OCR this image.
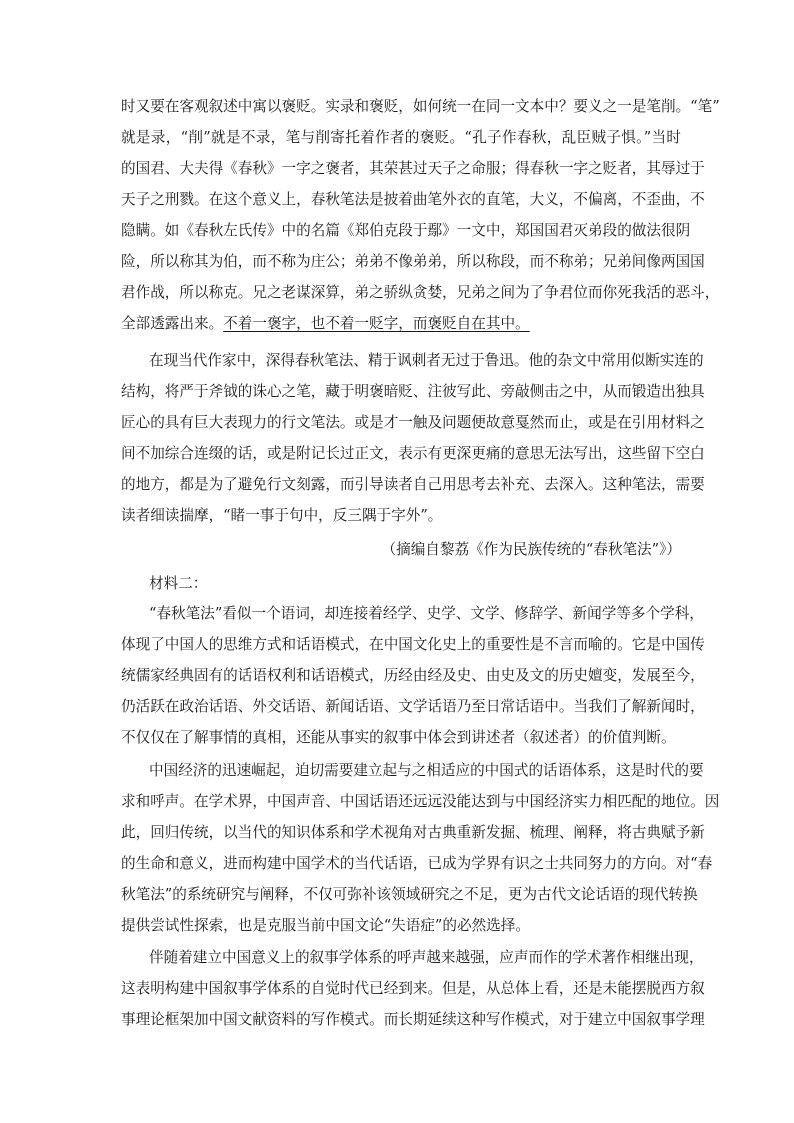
时又要在客观叙述中寓以褒贬。实录和褒贬，如何统一在同一文本中？要义之一是笔削。“笔”
就是录，“削”就是不录，笔与削寄托着作者的褒贬。“孔子作春秋，乱臣贼子惧。”当时
的国君、大夫得《春秋》一字之褒者，其荣甚过天子之命服；得春秋一字之贬者，其辱过于
天子之刑戮。在这个意义上，春秋笔法是披着曲笔外衣的直笔，大义，不偏离，不歪曲，不
隐瞒。如《春秋左氏传》中的名篇《郑伯克段于鄢》一文中，郑国国君灭弟段的做法很阴
险，所以称其为伯，而不称为庄公；弟弟不像弟弟，所以称段，而不称弟；兄弟间像两国国
君作战，所以称克。兄之老谋深算，弟之骄纵贪婪，兄弟之间为了争君位而你死我活的恶斗，
全部透露出来。不着一褒字，也不着一贬字，而褒贬自在其中。
在现当代作家中，深得春秋笔法、精于讽刺者无过于鲁迅。他的杂文中常用似断实连的
结构，将严于斧钺的诛心之笔，藏于明褒暗贬、注彼写此、旁敲侧击之中，从而锻造出独具
匠心的具有巨大表现力的行文笔法。或是才一触及问题便故意戛然而止，或是在引用材料之
间不加综合连缀的话，或是附记长过正文，表示有更深更痛的意思无法写出，这些留下空白
的地方，都是为了避免行文刻露，而引导读者自己用思考去补充、去深入。这种笔法，需要
读者细读揣摩，“睹一事于句中，反三隅于字外”。
（摘编自黎荔《作为民族传统的“春秋笔法”》）
材料二：
“春秋笔法”看似一个语词，却连接着经学、史学、文学、修辞学、新闻学等多个学科，
体现了中国人的思维方式和话语模式，在中国文化史上的重要性是不言而喻的。它是中国传
统儒家经典固有的话语权利和话语模式，历经由经及史、由史及文的历史嬗变，发展至今，
仍活跃在政治话语、外交话语、新闻话语、文学话语乃至日常话语中。当我们了解新闻时，
不仅仅在了解事情的真相，还能从事实的叙事中体会到讲述者（叙述者）的价值判断。
中国经济的迅速崛起，迫切需要建立起与之相适应的中国式的话语体系，这是时代的要
求和呼声。在学术界，中国声音、中国话语还远远没能达到与中国经济实力相匹配的地位。因
此，回归传统，以当代的知识体系和学术视角对古典重新发掘、梳理、阐释，将古典赋予新
的生命和意义，进而构建中国学术的当代话语，已成为学界有识之士共同努力的方向。对“春
秋笔法”的系统研究与阐释，不仅可弥补该领域研究之不足，更为古代文论话语的现代转换
提供尝试性探索，也是克服当前中国文论“失语症”的必然选择。
伴随着建立中国意义上的叙事学体系的呼声越来越强，应声而作的学术著作相继出现，
这表明构建中国叙事学体系的自觉时代已经到来。但是，从总体上看，还是未能摆脱西方叙
事理论框架加中国文献资料的写作模式。而长期延续这种写作模式，对于建立中国叙事学理
